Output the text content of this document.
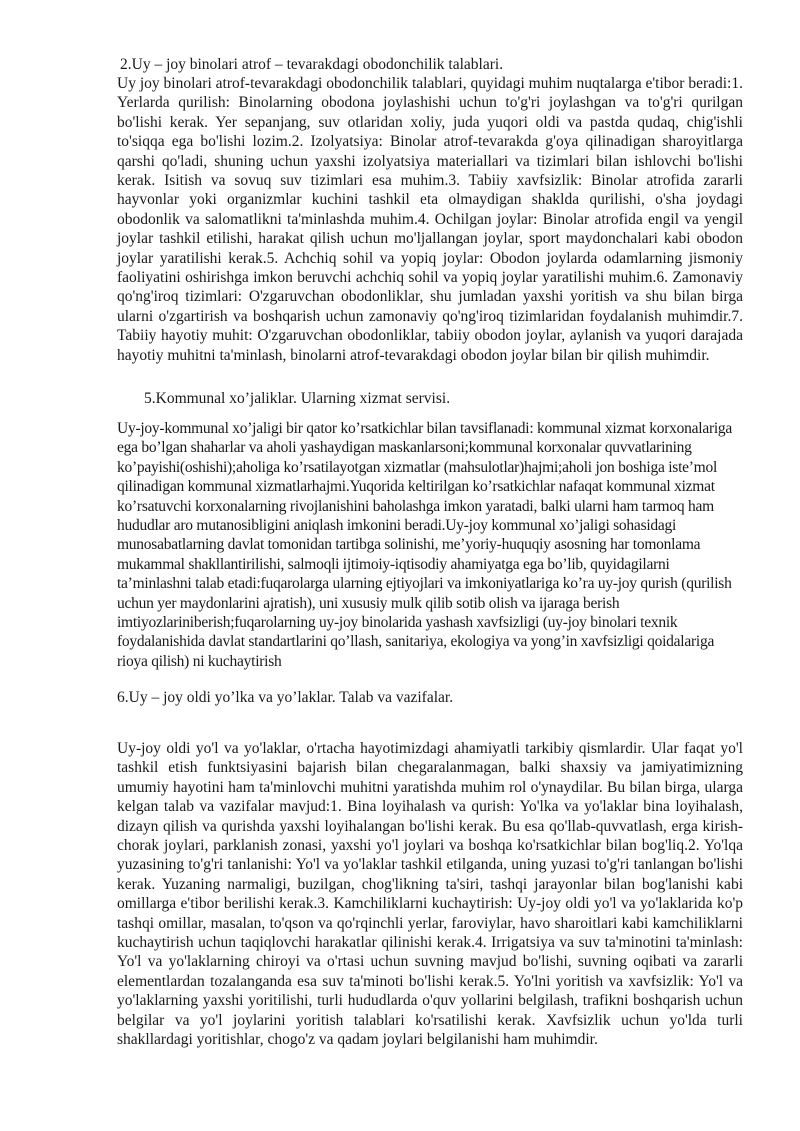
2.Uy – joy binolari atrof – tevarakdagi obodonchilik talablari.

Uy joy binolari atrof-tevarakdagi obodonchilik talablari, quyidagi muhim nuqtalarga e'tibor beradi:1. Yerlarda qurilish: Binolarning obodona joylashishi uchun to'g'ri joylashgan va to'g'ri qurilgan bo'lishi kerak. Yer sepanjang, suv otlaridan xoliy, juda yuqori oldi va pastda qudaq, chig'ishli to'siqqa ega bo'lishi lozim.2. Izolyatsiya: Binolar atrof-tevarakda g'oya qilinadigan sharoyitlarga qarshi qo'ladi, shuning uchun yaxshi izolyatsiya materiallari va tizimlari bilan ishlovchi bo'lishi kerak. Isitish va sovuq suv tizimlari esa muhim.3. Tabiiy xavfsizlik: Binolar atrofida zararli hayvonlar yoki organizmlar kuchini tashkil eta olmaydigan shaklda qurilishi, o'sha joydagi obodonlik va salomatlikni ta'minlashda muhim.4. Ochilgan joylar: Binolar atrofida engil va yengil joylar tashkil etilishi, harakat qilish uchun mo'ljallangan joylar, sport maydonchalari kabi obodon joylar yaratilishi kerak.5. Achchiq sohil va yopiq joylar: Obodon joylarda odamlarning jismoniy faoliyatini oshirishga imkon beruvchi achchiq sohil va yopiq joylar yaratilishi muhim.6. Zamonaviy qo'ng'iroq tizimlari: O'zgaruvchan obodonliklar, shu jumladan yaxshi yoritish va shu bilan birga ularni o'zgartirish va boshqarish uchun zamonaviy qo'ng'iroq tizimlaridan foydalanish muhimdir.7. Tabiiy hayotiy muhit: O'zgaruvchan obodonliklar, tabiiy obodon joylar, aylanish va yuqori darajada hayotiy muhitni ta'minlash, binolarni atrof-tevarakdagi obodon joylar bilan bir qilish muhimdir.

5.Kommunal xo’jaliklar. Ularning xizmat servisi.

Uy-joy-kommunal xo’jaligi bir qator ko’rsatkichlar bilan tavsiflanadi: kommunal xizmat korxonalariga ega bo’lgan shaharlar va aholi yashaydigan maskanlarsoni;kommunal korxonalar quvvatlarining ko’payishi(oshishi);aholiga ko’rsatilayotgan xizmatlar (mahsulotlar)hajmi;aholi jon boshiga iste’mol qilinadigan kommunal xizmatlarhajmi.Yuqorida keltirilgan ko’rsatkichlar nafaqat kommunal xizmat ko’rsatuvchi korxonalarning rivojlanishini baholashga imkon yaratadi, balki ularni ham tarmoq ham hududlar aro mutanosibligini aniqlash imkonini beradi.Uy-joy kommunal xo’jaligi sohasidagi munosabatlarning davlat tomonidan tartibga solinishi, me’yoriy-huquqiy asosning har tomonlama mukammal shakllantirilishi, salmoqli ijtimoiy-iqtisodiy ahamiyatga ega bo’lib, quyidagilarni ta’minlashni talab etadi:fuqarolarga ularning ejtiyojlari va imkoniyatlariga ko’ra uy-joy qurish (qurilish uchun yer maydonlarini ajratish), uni xususiy mulk qilib sotib olish va ijaraga berish imtiyozlariniberish;fuqarolarning uy-joy binolarida yashash xavfsizligi (uy-joy binolari texnik foydalanishida davlat standartlarini qo’llash, sanitariya, ekologiya va yong’in xavfsizligi qoidalariga rioya qilish) ni kuchaytirish

6.Uy – joy oldi yo’lka va yo’laklar. Talab va vazifalar.

Uy-joy oldi yo'l va yo'laklar, o'rtacha hayotimizdagi ahamiyatli tarkibiy qismlardir. Ular faqat yo'l tashkil etish funktsiyasini bajarish bilan chegaralanmagan, balki shaxsiy va jamiyatimizning umumiy hayotini ham ta'minlovchi muhitni yaratishda muhim rol o'ynaydilar. Bu bilan birga, ularga kelgan talab va vazifalar mavjud:1. Bina loyihalash va qurish: Yo'lka va yo'laklar bina loyihalash, dizayn qilish va qurishda yaxshi loyihalangan bo'lishi kerak. Bu esa qo'llab-quvvatlash, erga kirish-chorak joylari, parklanish zonasi, yaxshi yo'l joylari va boshqa ko'rsatkichlar bilan bog'liq.2. Yo'lqa yuzasining to'g'ri tanlanishi: Yo'l va yo'laklar tashkil etilganda, uning yuzasi to'g'ri tanlangan bo'lishi kerak. Yuzaning narmaligi, buzilgan, chog'likning ta'siri, tashqi jarayonlar bilan bog'lanishi kabi omillarga e'tibor berilishi kerak.3. Kamchiliklarni kuchaytirish: Uy-joy oldi yo'l va yo'laklarida ko'p tashqi omillar, masalan, to'qson va qo'rqinchli yerlar, faroviylar, havo sharoitlari kabi kamchiliklarni kuchaytirish uchun taqiqlovchi harakatlar qilinishi kerak.4. Irrigatsiya va suv ta'minotini ta'minlash: Yo'l va yo'laklarning chiroyi va o'rtasi uchun suvning mavjud bo'lishi, suvning oqibati va zararli elementlardan tozalanganda esa suv ta'minoti bo'lishi kerak.5. Yo'lni yoritish va xavfsizlik: Yo'l va yo'laklarning yaxshi yoritilishi, turli hududlarda o'quv yollarini belgilash, trafikni boshqarish uchun belgilar va yo'l joylarini yoritish talablari ko'rsatilishi kerak. Xavfsizlik uchun yo'lda turli shakllardagi yoritishlar, chogo'z va qadam joylari belgilanishi ham muhimdir.
